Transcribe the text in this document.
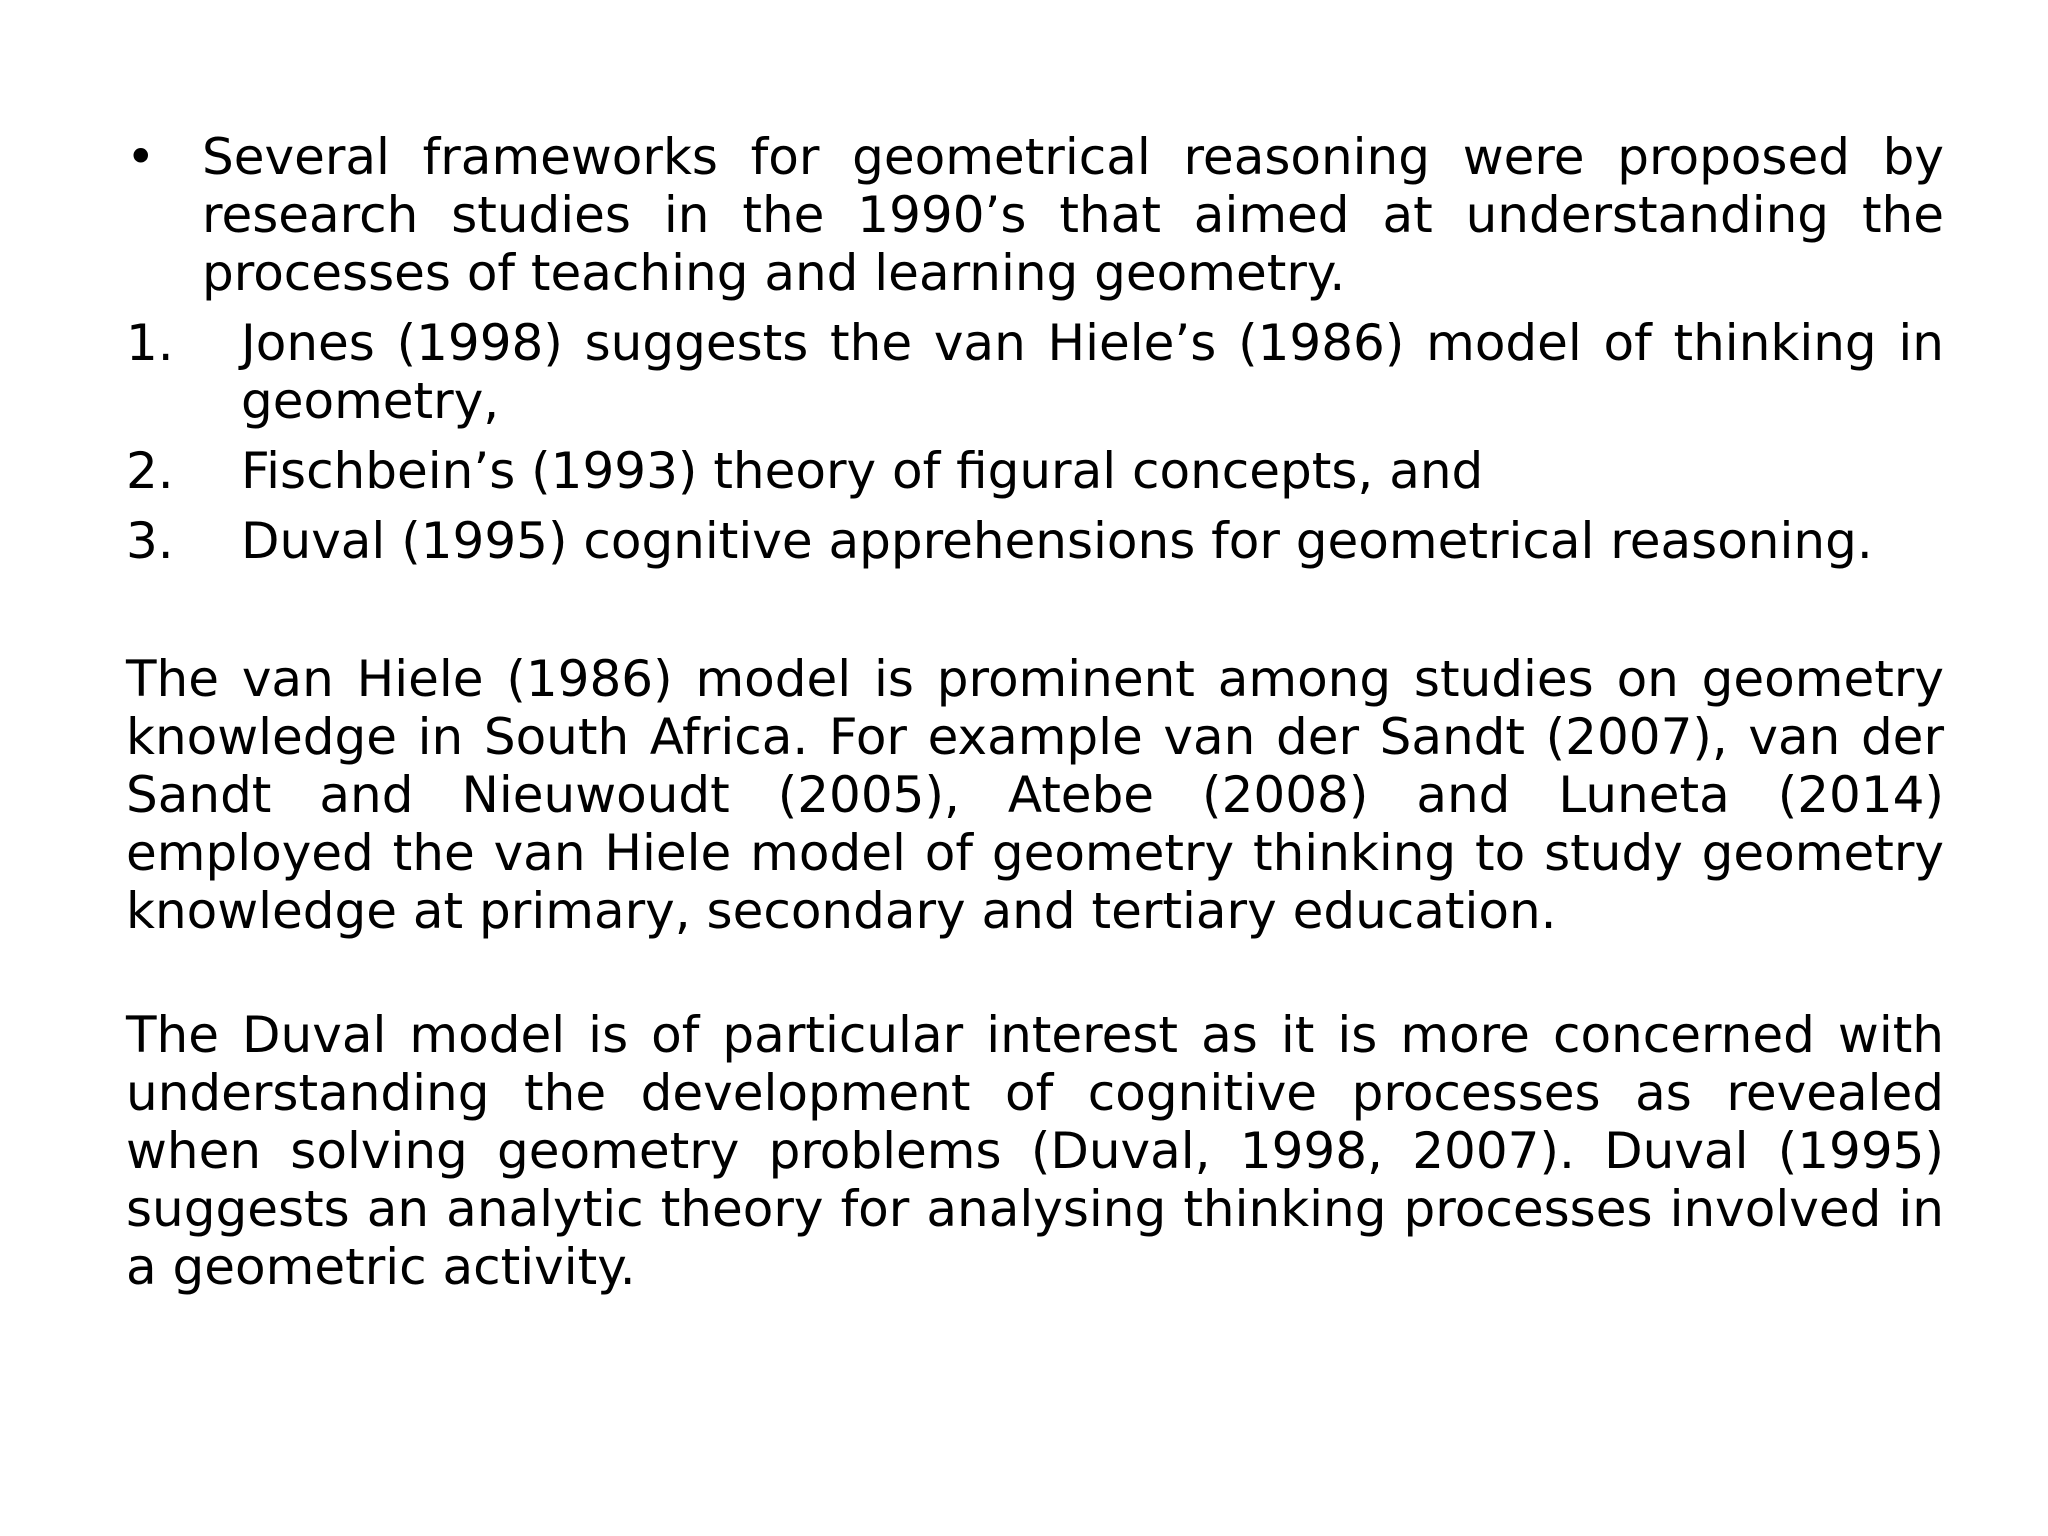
• Several frameworks for geometrical reasoning were proposed by research studies in the 1990’s that aimed at understanding the processes of teaching and learning geometry.
1. Jones (1998) suggests the van Hiele’s (1986) model of thinking in geometry,
2. Fischbein’s (1993) theory of figural concepts, and
3. Duval (1995) cognitive apprehensions for geometrical reasoning.

The van Hiele (1986) model is prominent among studies on geometry knowledge in South Africa. For example van der Sandt (2007), van der Sandt and Nieuwoudt (2005), Atebe (2008) and Luneta (2014) employed the van Hiele model of geometry thinking to study geometry knowledge at primary, secondary and tertiary education.

The Duval model is of particular interest as it is more concerned with understanding the development of cognitive processes as revealed when solving geometry problems (Duval, 1998, 2007). Duval (1995) suggests an analytic theory for analysing thinking processes involved in a geometric activity.
